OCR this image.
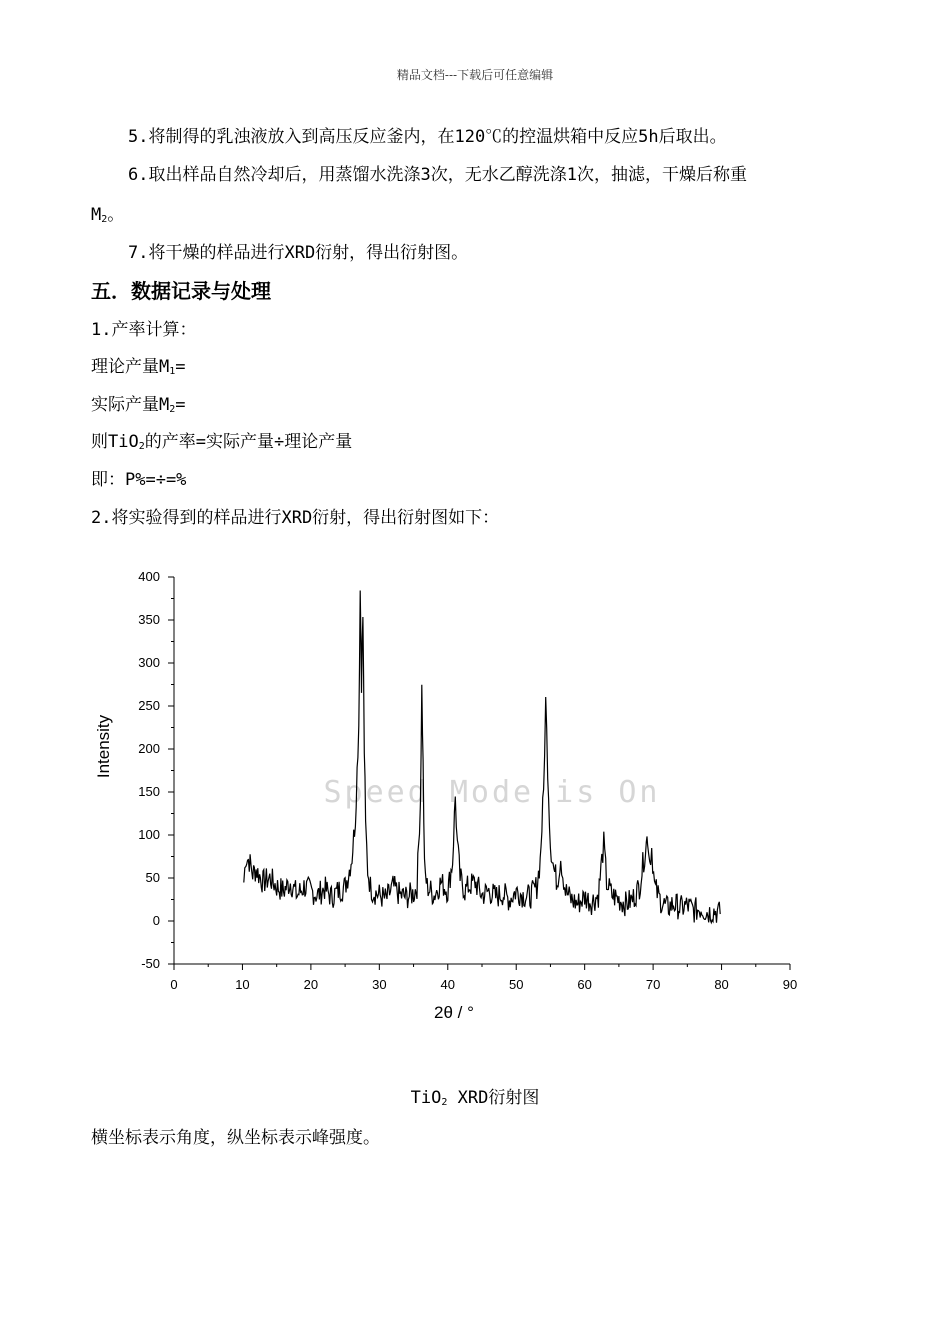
精品文档---下载后可任意编辑
5.将制得的乳浊液放入到高压反应釜内，在120℃的控温烘箱中反应5h后取出。
6.取出样品自然冷却后，用蒸馏水洗涤3次，无水乙醇洗涤1次，抽滤，干燥后称重
$M_2$。
7.将干燥的样品进行XRD衍射，得出衍射图。
五．数据记录与处理
1.产率计算：
理论产量$M_1=$
实际产量$M_2=$
则TiO$_2$的产率=实际产量÷理论产量
即：P%=÷=%
2.将实验得到的样品进行XRD衍射，得出衍射图如下：
Speed Mode is On
0	10	20	30	40	50	60	70	80	90
-50
0
50
100
150
200
250
300
350
400
2θ / °
Intensity
TiO$_2$ XRD衍射图
横坐标表示角度，纵坐标表示峰强度。
